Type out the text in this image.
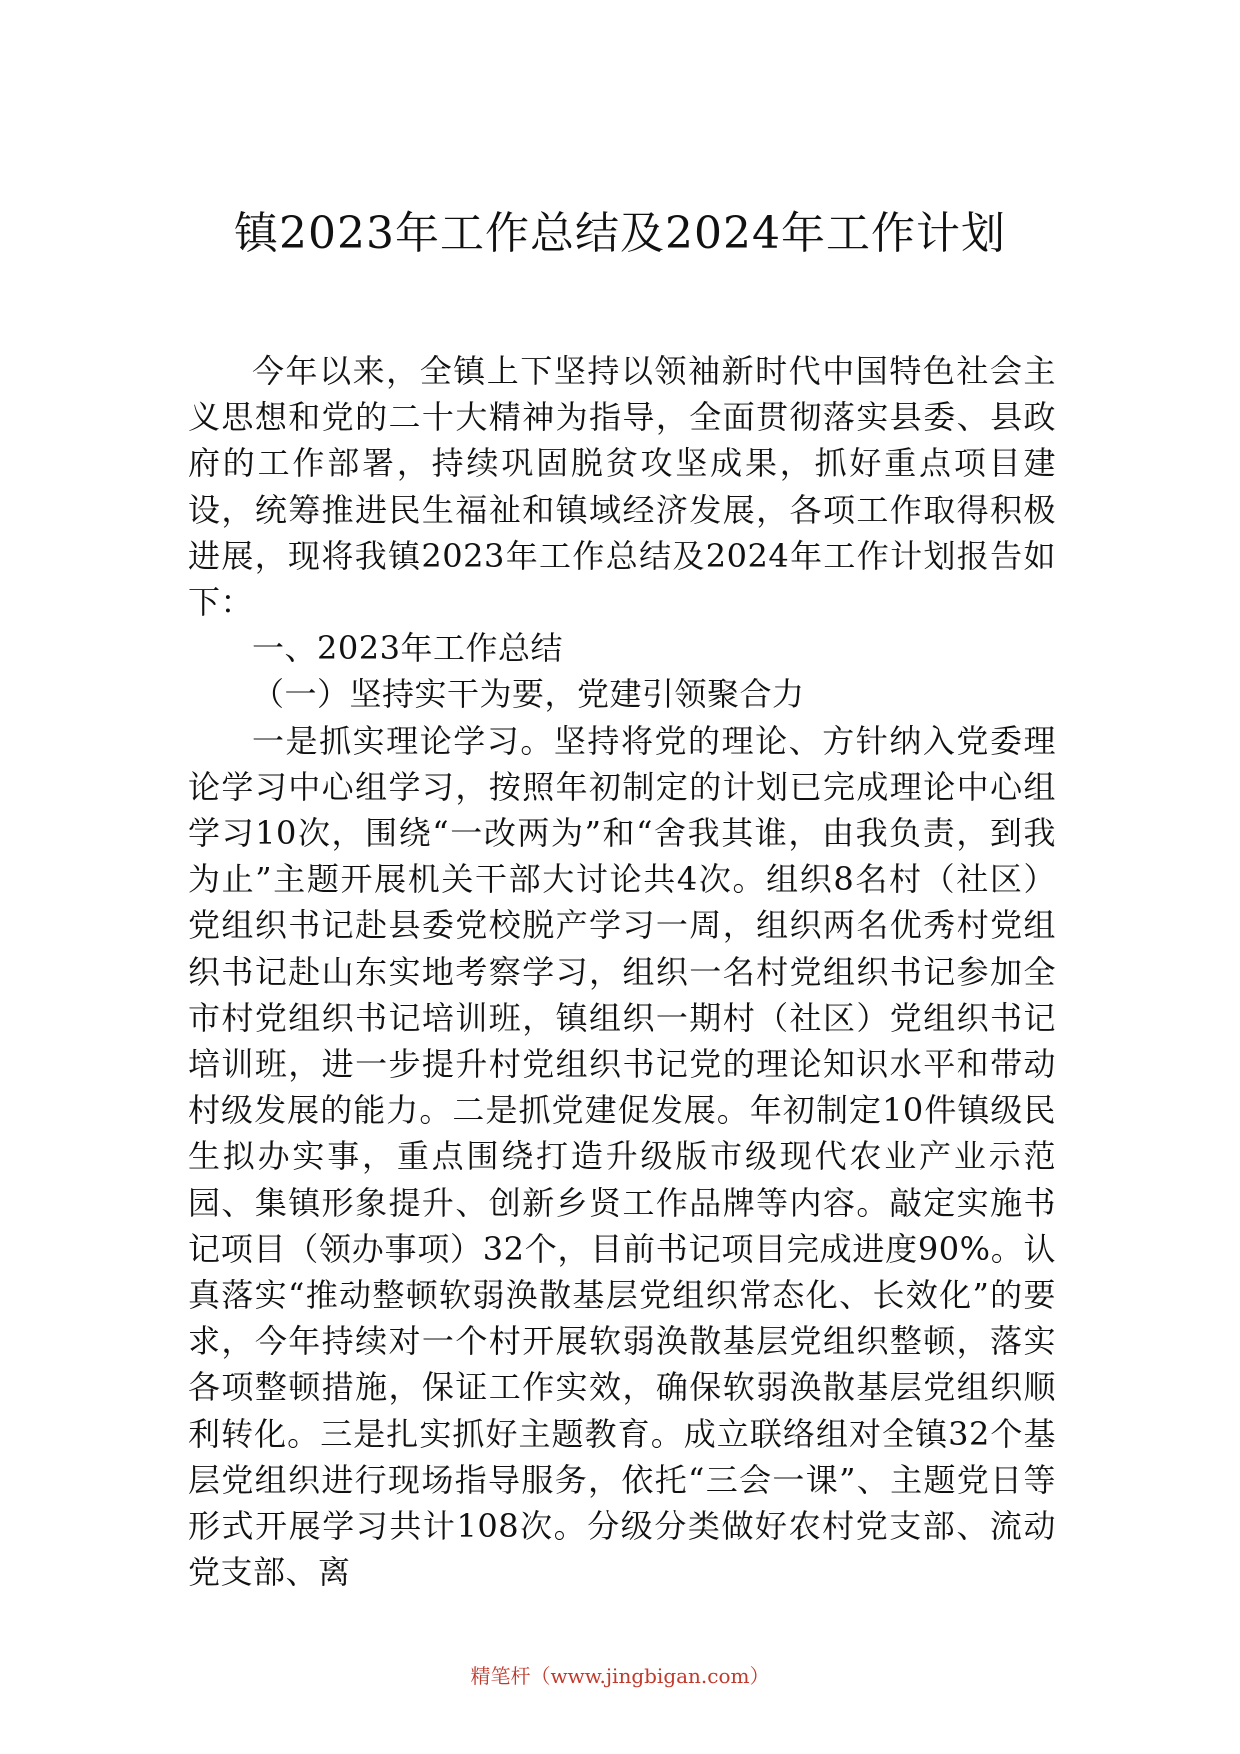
镇2023年工作总结及2024年工作计划

今年以来，全镇上下坚持以领袖新时代中国特色社会主义思想和党的二十大精神为指导，全面贯彻落实县委、县政府的工作部署，持续巩固脱贫攻坚成果，抓好重点项目建设，统筹推进民生福祉和镇域经济发展，各项工作取得积极进展，现将我镇2023年工作总结及2024年工作计划报告如下：

一、2023年工作总结

（一）坚持实干为要，党建引领聚合力

一是抓实理论学习。坚持将党的理论、方针纳入党委理论学习中心组学习，按照年初制定的计划已完成理论中心组学习10次，围绕“一改两为”和“舍我其谁，由我负责，到我为止”主题开展机关干部大讨论共4次。组织8名村（社区）党组织书记赴县委党校脱产学习一周，组织两名优秀村党组织书记赴山东实地考察学习，组织一名村党组织书记参加全市村党组织书记培训班，镇组织一期村（社区）党组织书记培训班，进一步提升村党组织书记党的理论知识水平和带动村级发展的能力。二是抓党建促发展。年初制定10件镇级民生拟办实事，重点围绕打造升级版市级现代农业产业示范园、集镇形象提升、创新乡贤工作品牌等内容。敲定实施书记项目（领办事项）32个，目前书记项目完成进度90%。认真落实“推动整顿软弱涣散基层党组织常态化、长效化”的要求，今年持续对一个村开展软弱涣散基层党组织整顿，落实各项整顿措施，保证工作实效，确保软弱涣散基层党组织顺利转化。三是扎实抓好主题教育。成立联络组对全镇32个基层党组织进行现场指导服务，依托“三会一课”、主题党日等形式开展学习共计108次。分级分类做好农村党支部、流动党支部、离

精笔杆（www.jingbigan.com）
